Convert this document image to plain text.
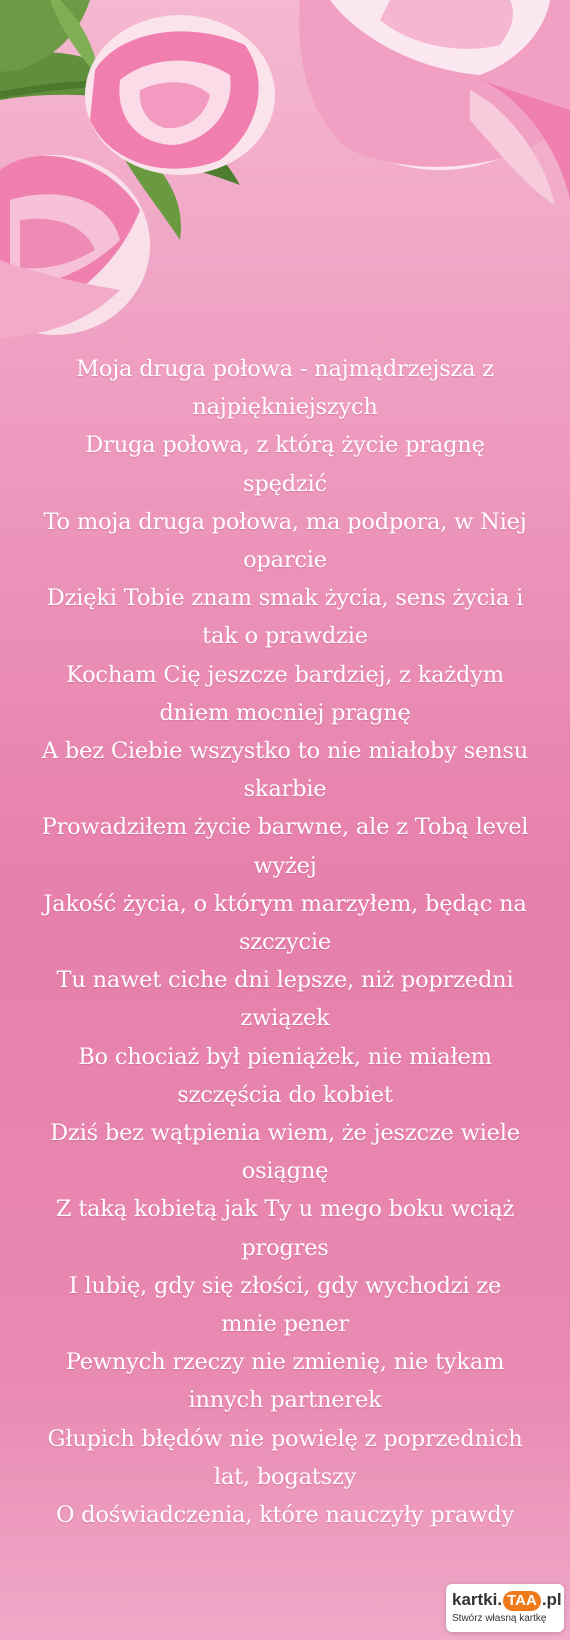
Moja druga połowa - najmądrzejsza z
najpiękniejszych
Druga połowa, z którą życie pragnę spędzić
To moja druga połowa, ma podpora, w Niej
oparcie
Dzięki Tobie znam smak życia, sens życia i
tak o prawdzie
Kocham Cię jeszcze bardziej, z każdym
dniem mocniej pragnę
A bez Ciebie wszystko to nie miałoby sensu
skarbie
Prowadziłem życie barwne, ale z Tobą level
wyżej
Jakość życia, o którym marzyłem, będąc na
szczycie
Tu nawet ciche dni lepsze, niż poprzedni
związek
Bo chociaż był pieniążek, nie miałem
szczęścia do kobiet
Dziś bez wątpienia wiem, że jeszcze wiele
osiągnę
Z taką kobietą jak Ty u mego boku wciąż
progres
I lubię, gdy się złości, gdy wychodzi ze
mnie pener
Pewnych rzeczy nie zmienię, nie tykam
innych partnerek
Głupich błędów nie powielę z poprzednich
lat, bogatszy
O doświadczenia, które nauczyły prawdy
kartki. TAA .pl
Stwórz własną kartkę
